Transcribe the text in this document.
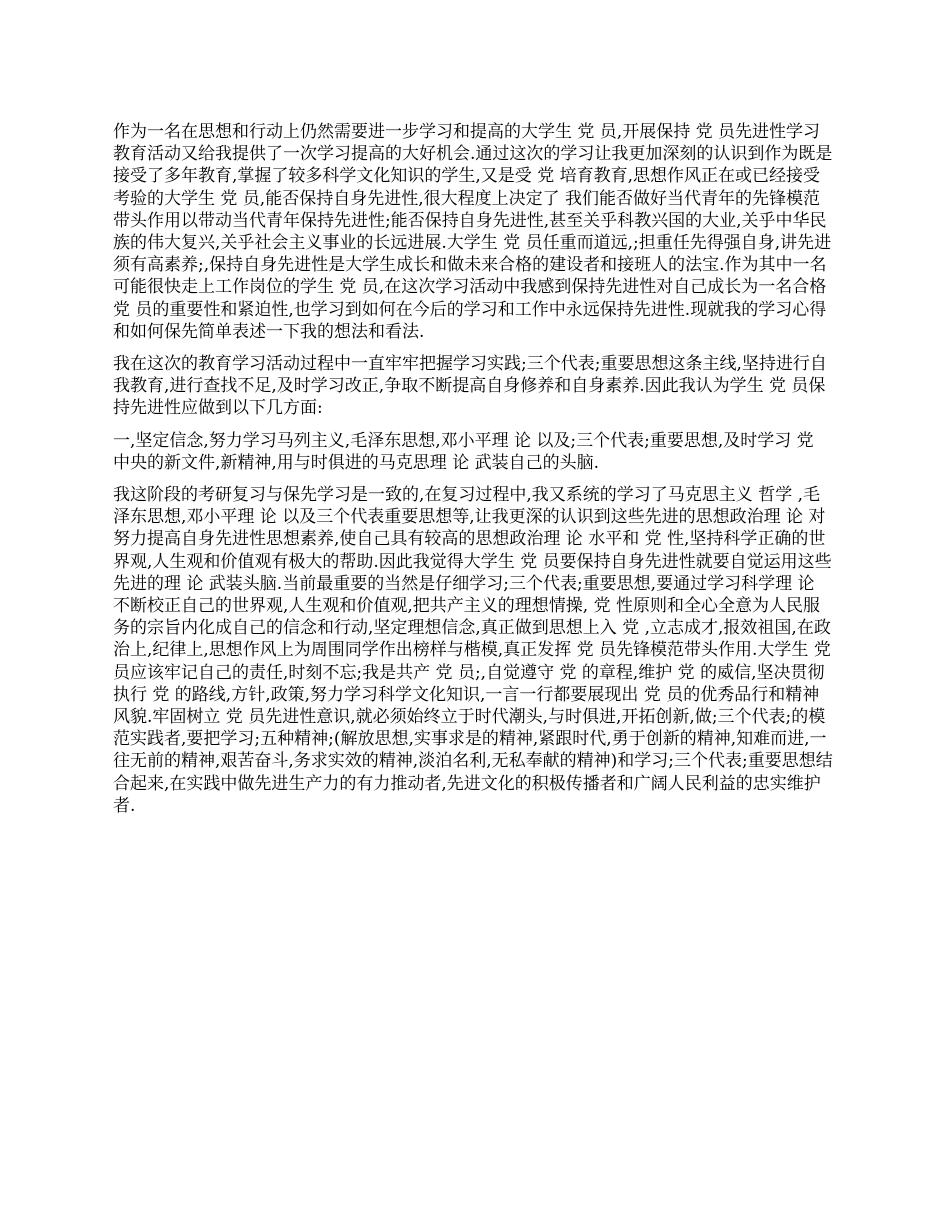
作为一名在思想和行动上仍然需要进一步学习和提高的大学生 党 员,开展保持 党 员先进性学习教育活动又给我提供了一次学习提高的大好机会.通过这次的学习让我更加深刻的认识到作为既是接受了多年教育,掌握了较多科学文化知识的学生,又是受 党 培育教育,思想作风正在或已经接受考验的大学生 党 员,能否保持自身先进性,很大程度上决定了 我们能否做好当代青年的先锋模范带头作用以带动当代青年保持先进性;能否保持自身先进性,甚至关乎科教兴国的大业,关乎中华民族的伟大复兴,关乎社会主义事业的长远进展.大学生 党 员任重而道远,;担重任先得强自身,讲先进须有高素养;,保持自身先进性是大学生成长和做未来合格的建设者和接班人的法宝.作为其中一名可能很快走上工作岗位的学生 党 员,在这次学习活动中我感到保持先进性对自己成长为一名合格 党 员的重要性和紧迫性,也学习到如何在今后的学习和工作中永远保持先进性.现就我的学习心得和如何保先简单表述一下我的想法和看法.

我在这次的教育学习活动过程中一直牢牢把握学习实践;三个代表;重要思想这条主线,坚持进行自我教育,进行查找不足,及时学习改正,争取不断提高自身修养和自身素养.因此我认为学生 党 员保持先进性应做到以下几方面:

一,坚定信念,努力学习马列主义,毛泽东思想,邓小平理 论 以及;三个代表;重要思想,及时学习 党 中央的新文件,新精神,用与时俱进的马克思理 论 武装自己的头脑.

我这阶段的考研复习与保先学习是一致的,在复习过程中,我又系统的学习了马克思主义 哲学 ,毛泽东思想,邓小平理 论 以及三个代表重要思想等,让我更深的认识到这些先进的思想政治理 论 对努力提高自身先进性思想素养,使自己具有较高的思想政治理 论 水平和 党 性,坚持科学正确的世界观,人生观和价值观有极大的帮助.因此我觉得大学生 党 员要保持自身先进性就要自觉运用这些先进的理 论 武装头脑.当前最重要的当然是仔细学习;三个代表;重要思想,要通过学习科学理 论 不断校正自己的世界观,人生观和价值观,把共产主义的理想情操, 党 性原则和全心全意为人民服务的宗旨内化成自己的信念和行动,坚定理想信念,真正做到思想上入 党 ,立志成才,报效祖国,在政治上,纪律上,思想作风上为周围同学作出榜样与楷模,真正发挥 党 员先锋模范带头作用.大学生 党 员应该牢记自己的责任,时刻不忘;我是共产 党 员;,自觉遵守 党 的章程,维护 党 的威信,坚决贯彻执行 党 的路线,方针,政策,努力学习科学文化知识,一言一行都要展现出 党 员的优秀品行和精神风貌.牢固树立 党 员先进性意识,就必须始终立于时代潮头,与时俱进,开拓创新,做;三个代表;的模范实践者,要把学习;五种精神;(解放思想,实事求是的精神,紧跟时代,勇于创新的精神,知难而进,一往无前的精神,艰苦奋斗,务求实效的精神,淡泊名利,无私奉献的精神)和学习;三个代表;重要思想结合起来,在实践中做先进生产力的有力推动者,先进文化的积极传播者和广阔人民利益的忠实维护者.
